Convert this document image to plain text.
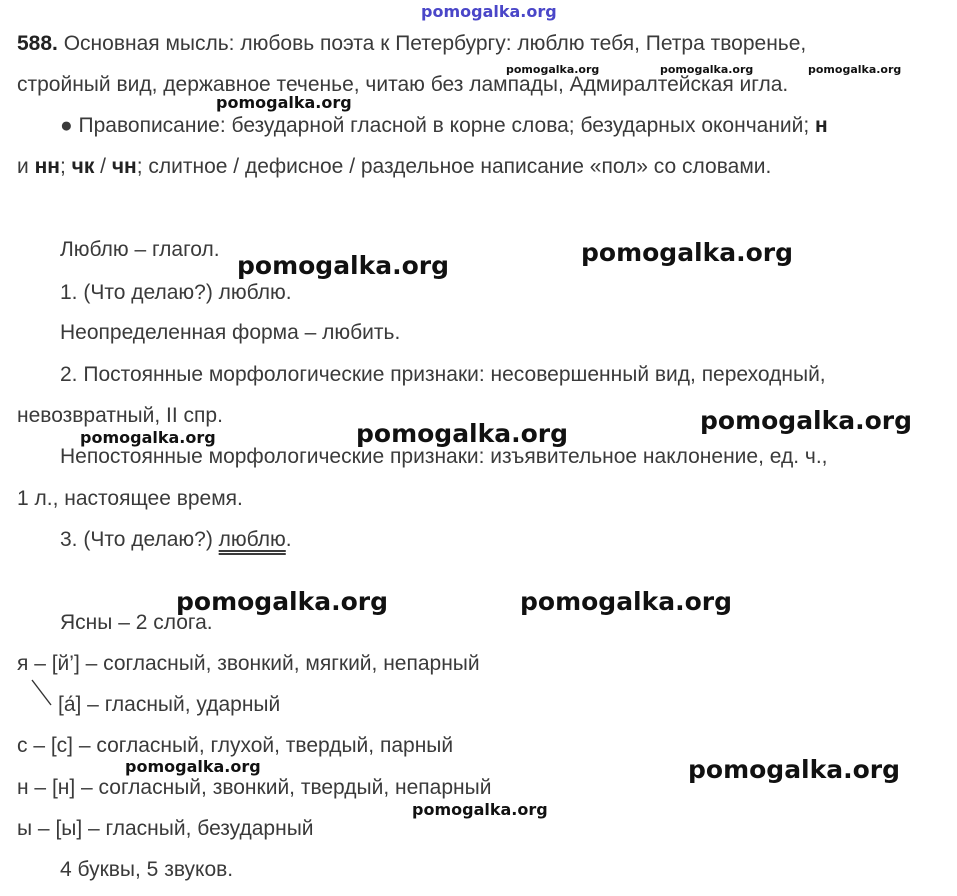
pomogalka.org
588. Основная мысль: любовь поэта к Петербургу: люблю тебя, Петра творенье,
стройный вид, державное теченье, читаю без лампады, Адмиралтейская игла.
● Правописание: безударной гласной в корне слова; безударных окончаний; н
и нн; чк / чн; слитное / дефисное / раздельное написание «пол» со словами.
Люблю – глагол.
1. (Что делаю?) люблю.
Неопределенная форма – любить.
2. Постоянные морфологические признаки: несовершенный вид, переходный,
невозвратный, II спр.
Непостоянные морфологические признаки: изъявительное наклонение, ед. ч.,
1 л., настоящее время.
3. (Что делаю?) люблю.
Ясны – 2 слога.
я – [й’] – согласный, звонкий, мягкий, непарный
[а́] – гласный, ударный
с – [с] – согласный, глухой, твердый, парный
н – [н] – согласный, звонкий, твердый, непарный
ы – [ы] – гласный, безударный
4 буквы, 5 звуков.
pomogalka.org	pomogalka.org	pomogalka.org
pomogalka.org
pomogalka.org	pomogalka.org
pomogalka.org	pomogalka.org	pomogalka.org
pomogalka.org	pomogalka.org
pomogalka.org	pomogalka.org
pomogalka.org
